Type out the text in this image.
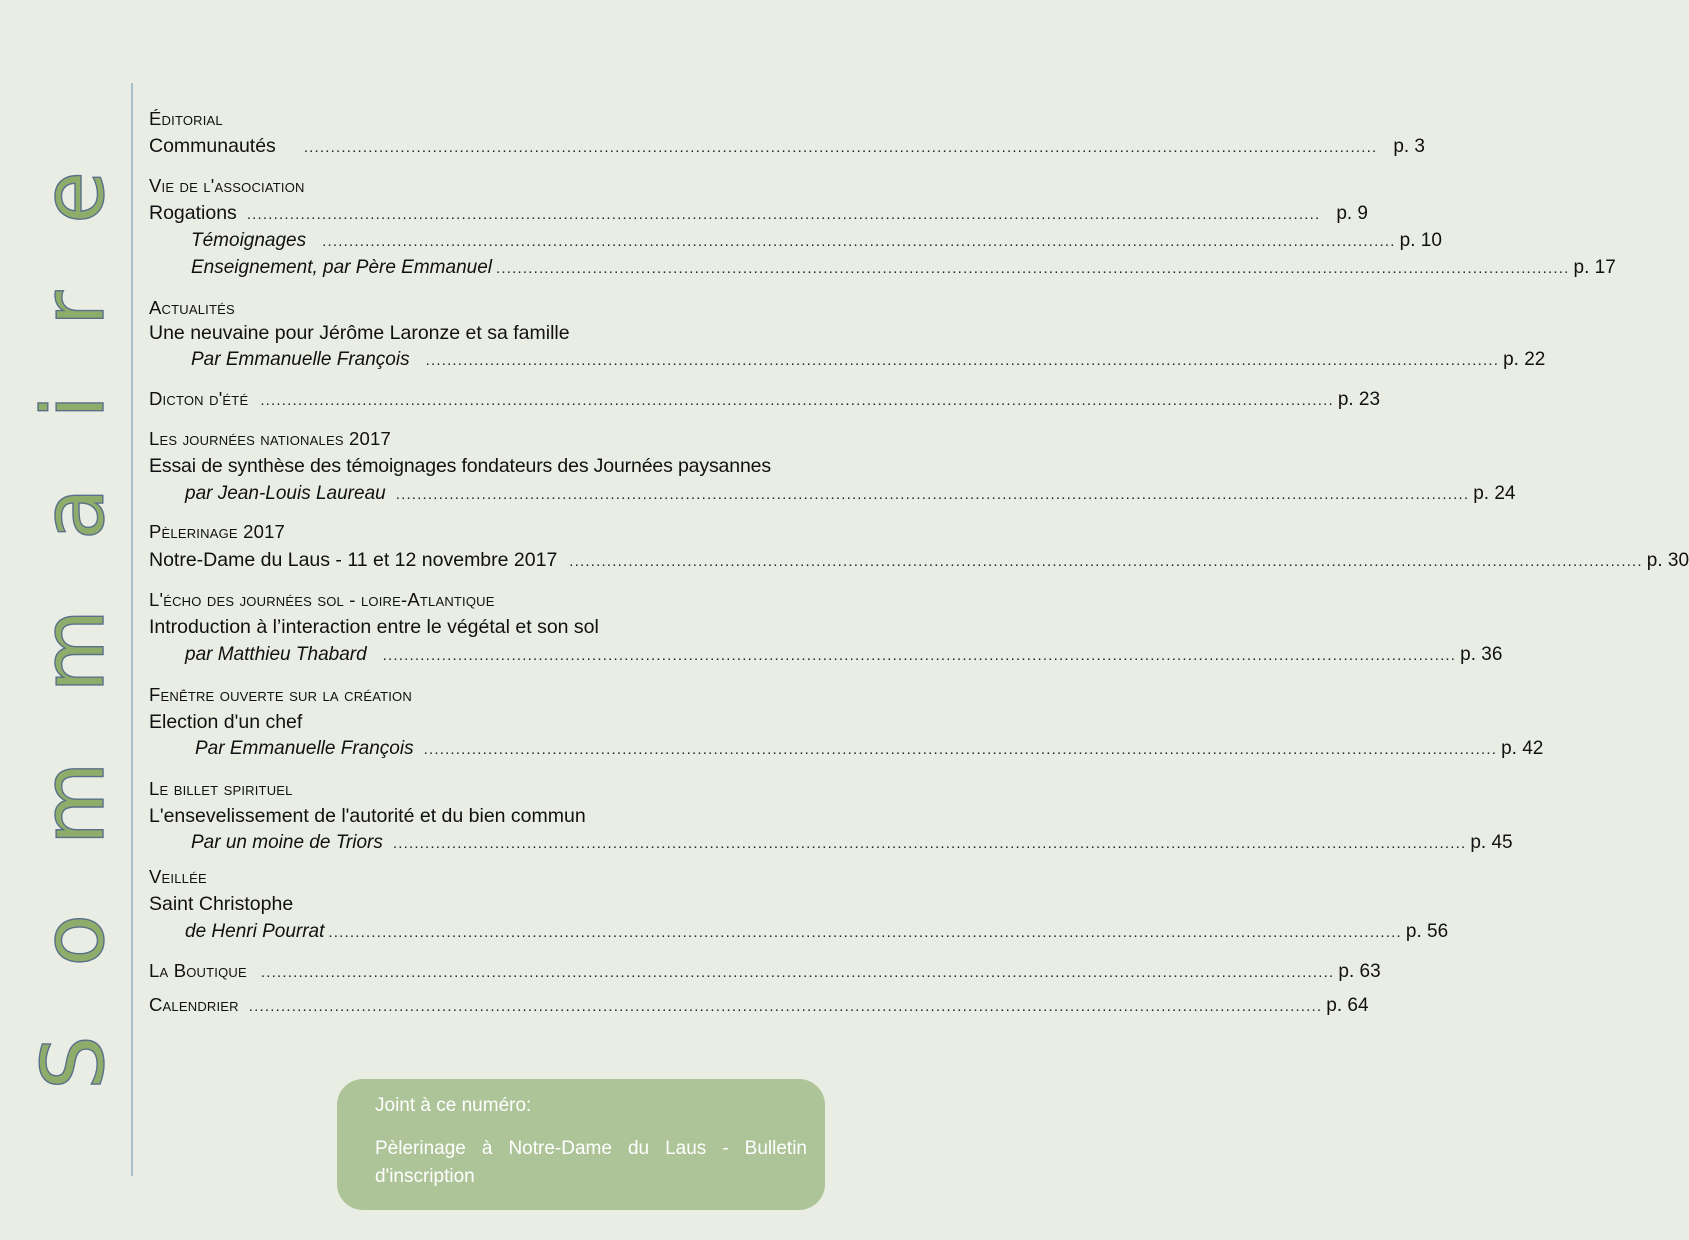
Sommaire
Éditorial
Communautés ........................................................................................................................................................................................................ p. 3
Vie de l'association
Rogations ........................................................................................................................................................................................................ p. 9
Témoignages ........................................................................................................................................................................................................ p. 10
Enseignement, par Père Emmanuel ........................................................................................................................................................................................................ p. 17
Actualités
Une neuvaine pour Jérôme Laronze et sa famille
Par Emmanuelle François ........................................................................................................................................................................................................ p. 22
Dicton d'été ........................................................................................................................................................................................................ p. 23
Les journées nationales 2017
Essai de synthèse des témoignages fondateurs des Journées paysannes
par Jean-Louis Laureau ........................................................................................................................................................................................................ p. 24
Pèlerinage 2017
Notre-Dame du Laus - 11 et 12 novembre 2017 ........................................................................................................................................................................................................ p. 30
L'écho des journées sol - loire-Atlantique
Introduction à l’interaction entre le végétal et son sol
par Matthieu Thabard ........................................................................................................................................................................................................ p. 36
Fenêtre ouverte sur la création
Election d'un chef
Par Emmanuelle François ........................................................................................................................................................................................................ p. 42
Le billet spirituel
L'ensevelissement de l'autorité et du bien commun
Par un moine de Triors ........................................................................................................................................................................................................ p. 45
Veillée
Saint Christophe
de Henri Pourrat ........................................................................................................................................................................................................ p. 56
La Boutique ........................................................................................................................................................................................................ p. 63
Calendrier ........................................................................................................................................................................................................ p. 64
Joint à ce numéro:
Pèlerinage à Notre-Dame du Laus - Bulletin d'inscription
